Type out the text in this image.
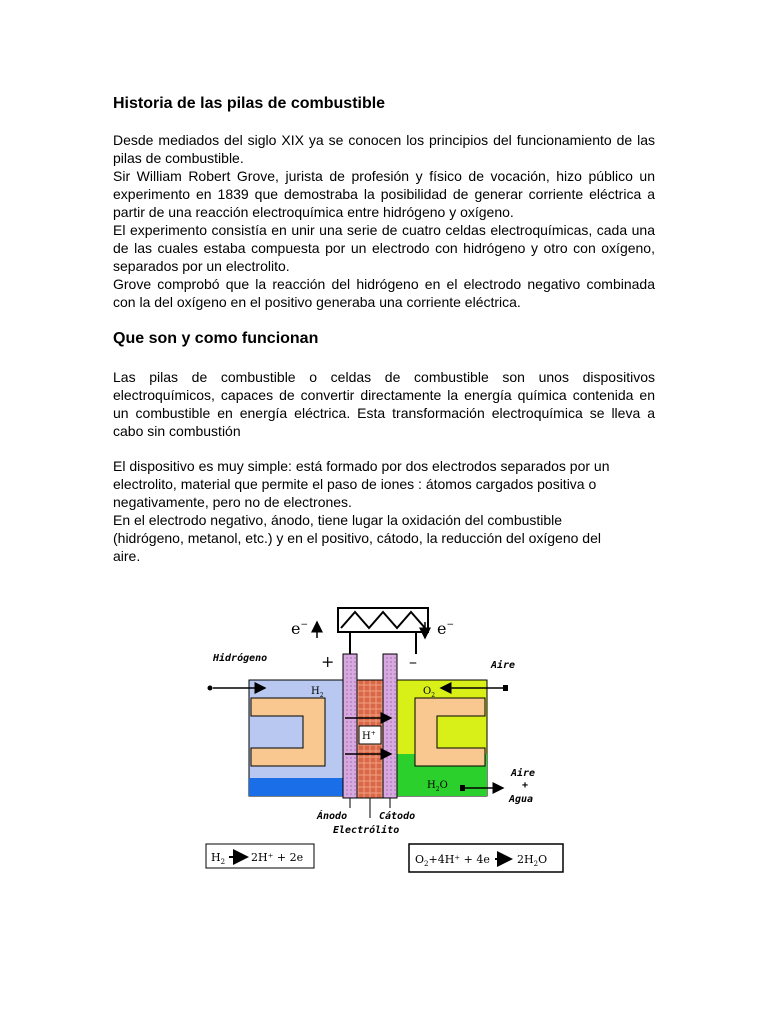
Historia de las pilas de combustible
Desde mediados del siglo XIX ya se conocen los principios del funcionamiento de las pilas de combustible.
Sir William Robert Grove, jurista de profesión y físico de vocación, hizo público un experimento en 1839 que demostraba la posibilidad de generar corriente eléctrica a partir de una reacción electroquímica entre hidrógeno y oxígeno.
El experimento consistía en unir una serie de cuatro celdas electroquímicas, cada una de las cuales estaba compuesta por un electrodo con hidrógeno y otro con oxígeno, separados por un electrolito.
Grove comprobó que la reacción del hidrógeno en el electrodo negativo combinada con la del oxígeno en el positivo generaba una corriente eléctrica.
Que son y como funcionan

Las pilas de combustible o celdas de combustible son unos dispositivos electroquímicos, capaces de convertir directamente la energía química contenida en un combustible en energía eléctrica. Esta transformación electroquímica se lleva a cabo sin combustión

El dispositivo es muy simple: está formado por dos electrodos separados por un
electrolito, material que permite el paso de iones : átomos cargados positiva o
negativamente, pero no de electrones.
En el electrodo negativo, ánodo, tiene lugar la oxidación del combustible
(hidrógeno, metanol, etc.) y en el positivo, cátodo, la reducción del oxígeno del
aire.
e−	e−
Hidrógeno	+	–	Aire
H+
$H_2$	$O_2$
$H_2O$
Aire
+
Agua
Ánodo	Cátodo
Electrólito
$H_2$ 2H⁺ + 2e	$O_2+4H^+ + 4e$ $2H_2O$
